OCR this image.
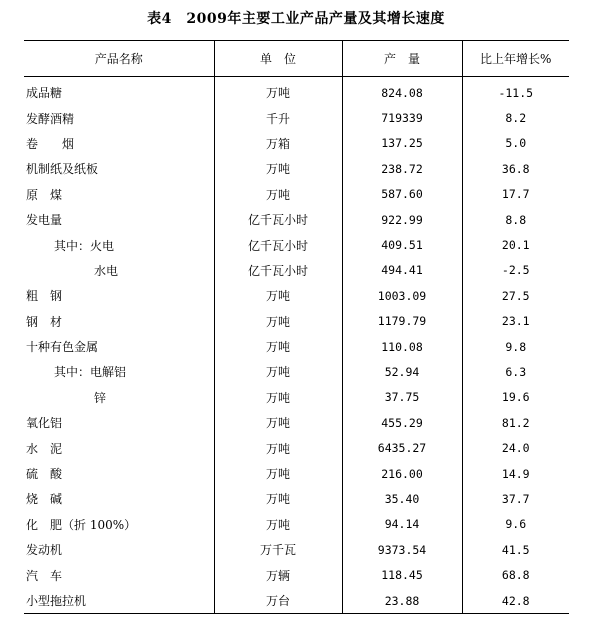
表4　2009年主要工业产品产量及其增长速度
产品名称	单　位	产　量	比上年增长%
成品糖	万吨	824.08	-11.5
发酵酒精	千升	719339	8.2
卷　　烟	万箱	137.25	5.0
机制纸及纸板	万吨	238.72	36.8
原　煤	万吨	587.60	17.7
发电量	亿千瓦小时	922.99	8.8
其中：火电	亿千瓦小时	409.51	20.1
水电	亿千瓦小时	494.41	-2.5
粗　钢	万吨	1003.09	27.5
钢　材	万吨	1179.79	23.1
十种有色金属	万吨	110.08	9.8
其中：电解铝	万吨	52.94	6.3
锌	万吨	37.75	19.6
氧化铝	万吨	455.29	81.2
水　泥	万吨	6435.27	24.0
硫　酸	万吨	216.00	14.9
烧　碱	万吨	35.40	37.7
化　肥（折 100%）	万吨	94.14	9.6
发动机	万千瓦	9373.54	41.5
汽　车	万辆	118.45	68.8
小型拖拉机	万台	23.88	42.8
